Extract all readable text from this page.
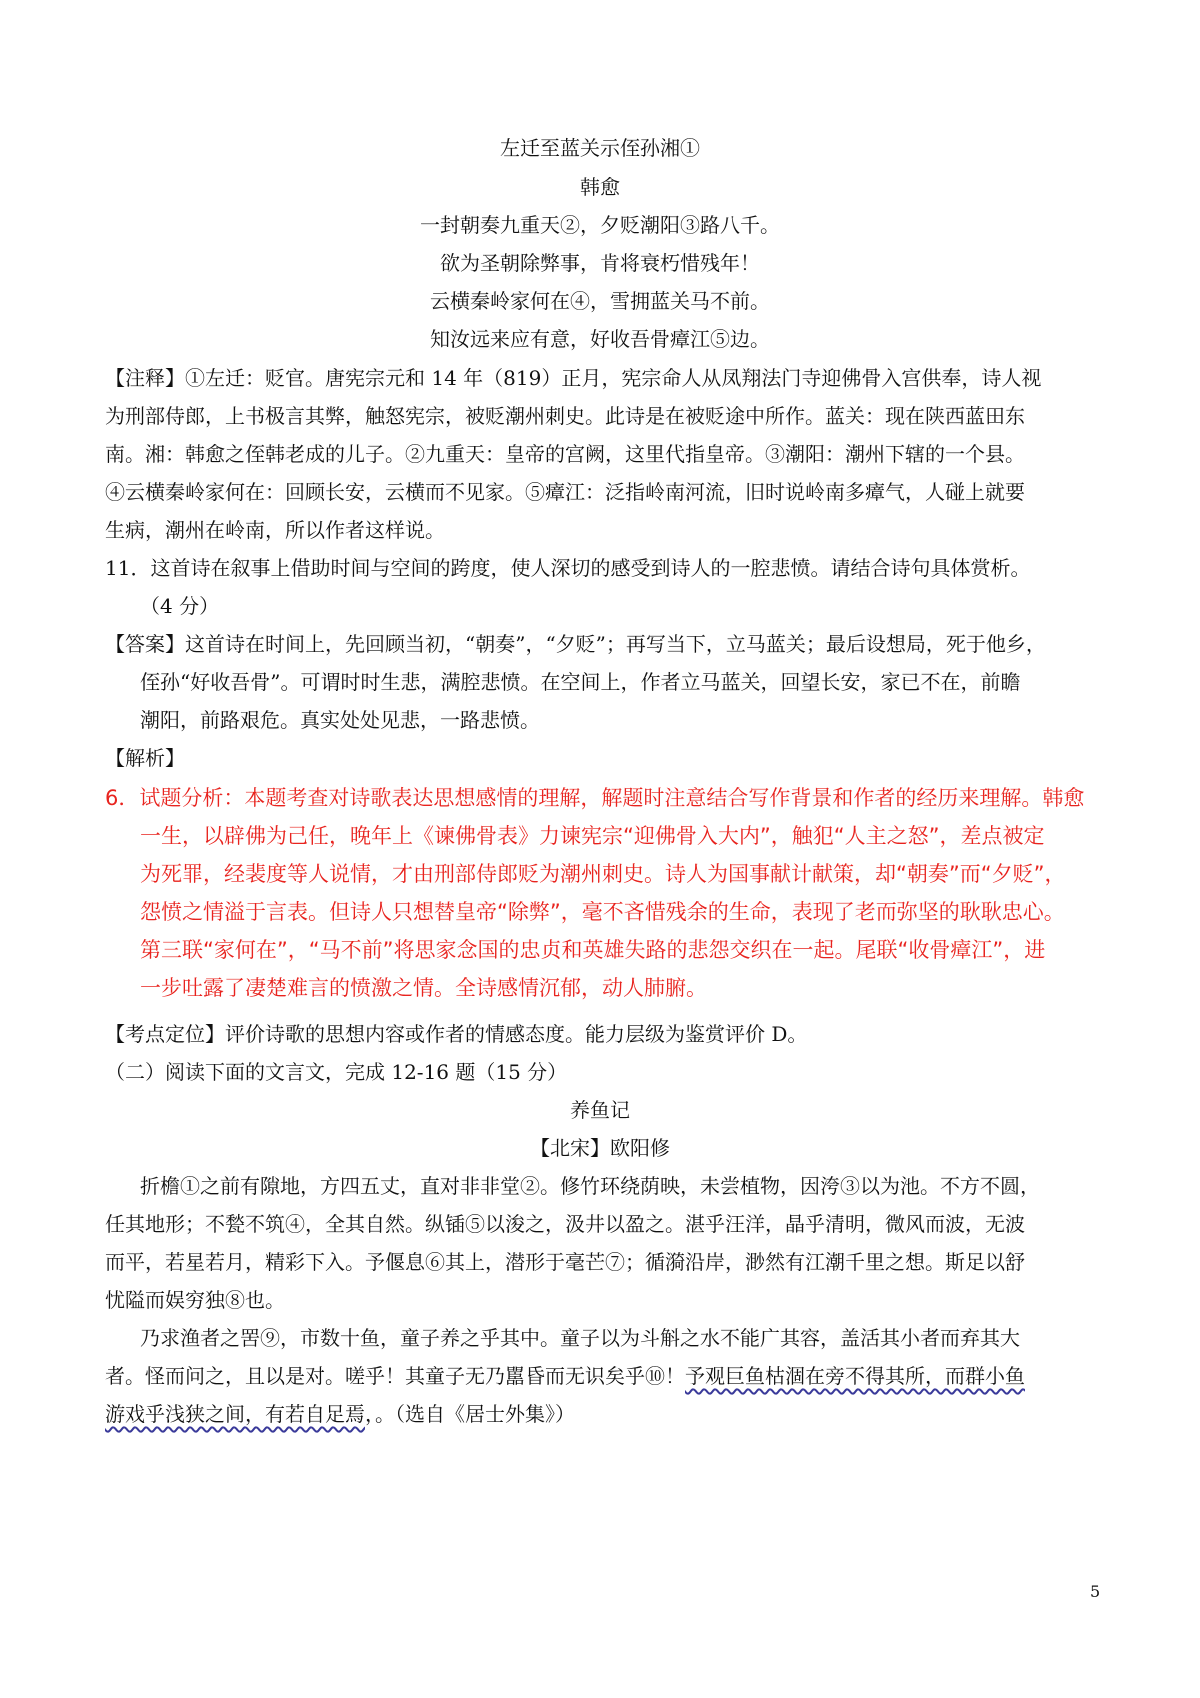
左迁至蓝关示侄孙湘①
韩愈
一封朝奏九重天②，夕贬潮阳③路八千。
欲为圣朝除弊事，肯将衰朽惜残年！
云横秦岭家何在④，雪拥蓝关马不前。
知汝远来应有意，好收吾骨瘴江⑤边。
【注释】①左迁：贬官。唐宪宗元和 14 年（819）正月，宪宗命人从凤翔法门寺迎佛骨入宫供奉，诗人视
为刑部侍郎，上书极言其弊，触怒宪宗，被贬潮州刺史。此诗是在被贬途中所作。蓝关：现在陕西蓝田东
南。湘：韩愈之侄韩老成的儿子。②九重天：皇帝的宫阙，这里代指皇帝。③潮阳：潮州下辖的一个县。
④云横秦岭家何在：回顾长安，云横而不见家。⑤瘴江：泛指岭南河流，旧时说岭南多瘴气，人碰上就要
生病，潮州在岭南，所以作者这样说。
11．这首诗在叙事上借助时间与空间的跨度，使人深切的感受到诗人的一腔悲愤。请结合诗句具体赏析。
（4 分）
【答案】这首诗在时间上，先回顾当初，“朝奏”，“夕贬”；再写当下，立马蓝关；最后设想局，死于他乡，
侄孙“好收吾骨”。可谓时时生悲，满腔悲愤。在空间上，作者立马蓝关，回望长安，家已不在，前瞻
潮阳，前路艰危。真实处处见悲，一路悲愤。
【解析】
6．试题分析：本题考查对诗歌表达思想感情的理解，解题时注意结合写作背景和作者的经历来理解。韩愈
一生，以辟佛为己任，晚年上《谏佛骨表》力谏宪宗“迎佛骨入大内”，触犯“人主之怒”，差点被定
为死罪，经裴度等人说情，才由刑部侍郎贬为潮州刺史。诗人为国事献计献策，却“朝奏”而“夕贬”，
怨愤之情溢于言表。但诗人只想替皇帝“除弊”，毫不吝惜残余的生命，表现了老而弥坚的耿耿忠心。
第三联“家何在”，“马不前”将思家念国的忠贞和英雄失路的悲怨交织在一起。尾联“收骨瘴江”，进
一步吐露了凄楚难言的愤激之情。全诗感情沉郁，动人肺腑。
【考点定位】评价诗歌的思想内容或作者的情感态度。能力层级为鉴赏评价 D。
（二）阅读下面的文言文，完成 12-16 题（15 分）
养鱼记
【北宋】欧阳修
折檐①之前有隙地，方四五丈，直对非非堂②。修竹环绕荫映，未尝植物，因洿③以为池。不方不圆，
任其地形；不甃不筑④，全其自然。纵锸⑤以浚之，汲井以盈之。湛乎汪洋，晶乎清明，微风而波，无波
而平，若星若月，精彩下入。予偃息⑥其上，潜形于毫芒⑦；循漪沿岸，渺然有江潮千里之想。斯足以舒
忧隘而娱穷独⑧也。
乃求渔者之罟⑨，市数十鱼，童子养之乎其中。童子以为斗斛之水不能广其容，盖活其小者而弃其大
者。怪而问之，且以是对。嗟乎！其童子无乃嚚昏而无识矣乎⑩！予观巨鱼枯涸在旁不得其所，而群小鱼
游戏乎浅狭之间，有若自足焉，。（选自《居士外集》）
5
